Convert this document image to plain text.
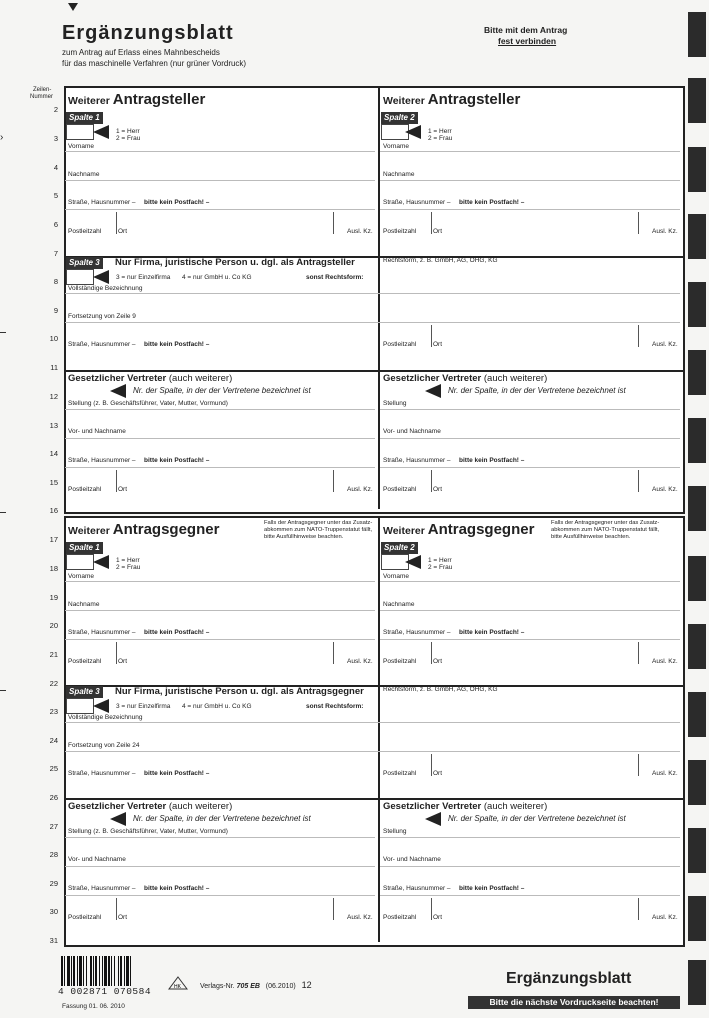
Ergänzungsblatt
zum Antrag auf Erlass eines Mahnbescheids
für das maschinelle Verfahren (nur grüner Vordruck)
Bitte mit dem Antrag
fest verbinden
Zeilen-
Nummer
›
2
3
4
5
6
7
8
9
10
11
12
13
14
15
16
17
18
19
20
21
22
23
24
25
26
27
28
29
30
31
Vorname
Nachname
Straße, Hausnummer – bitte kein Postfach! –
Postleitzahl	Ort	Ausl. Kz.
Vorname
Nachname
Straße, Hausnummer – bitte kein Postfach! –
Postleitzahl	Ort	Ausl. Kz.
Vorname
Nachname
Straße, Hausnummer – bitte kein Postfach! –
Postleitzahl	Ort	Ausl. Kz.
Vorname
Nachname
Straße, Hausnummer – bitte kein Postfach! –
Postleitzahl	Ort	Ausl. Kz.
Vollständige Bezeichnung
Fortsetzung von Zeile 9
Straße, Hausnummer – bitte kein Postfach! –	Postleitzahl	Ort	Ausl. Kz.
Vollständige Bezeichnung
Fortsetzung von Zeile 24
Straße, Hausnummer – bitte kein Postfach! –	Postleitzahl	Ort	Ausl. Kz.
Stellung (z. B. Geschäftsführer, Vater, Mutter, Vormund)
Vor- und Nachname
Straße, Hausnummer – bitte kein Postfach! –
Postleitzahl	Ort	Ausl. Kz.
Stellung
Vor- und Nachname
Straße, Hausnummer – bitte kein Postfach! –
Postleitzahl	Ort	Ausl. Kz.
Stellung (z. B. Geschäftsführer, Vater, Mutter, Vormund)
Vor- und Nachname
Straße, Hausnummer – bitte kein Postfach! –
Postleitzahl	Ort	Ausl. Kz.
Stellung
Vor- und Nachname
Straße, Hausnummer – bitte kein Postfach! –
Postleitzahl	Ort	Ausl. Kz.
Weiterer Antragsteller	Weiterer Antragsteller
Weiterer Antragsgegner	Weiterer Antragsgegner
Falls der Antragsgegner unter das Zusatz-
abkommen zum NATO-Truppenstatut fällt,
bitte Ausfüllhinweise beachten.
Falls der Antragsgegner unter das Zusatz-
abkommen zum NATO-Truppenstatut fällt,
bitte Ausfüllhinweise beachten.
Spalte 1
1 = Herr
2 = Frau
Spalte 2
1 = Herr
2 = Frau
Spalte 1
1 = Herr
2 = Frau
Spalte 2
1 = Herr
2 = Frau
Spalte 3	Nur Firma, juristische Person u. dgl. als Antragsteller
3 = nur Einzelfirma 4 = nur GmbH u. Co KG	sonst Rechtsform:
Rechtsform, z. B. GmbH, AG, OHG, KG
Spalte 3	Nur Firma, juristische Person u. dgl. als Antragsgegner
3 = nur Einzelfirma 4 = nur GmbH u. Co KG	sonst Rechtsform:
Rechtsform, z. B. GmbH, AG, OHG, KG
Gesetzlicher Vertreter (auch weiterer)
Nr. der Spalte, in der der Vertretene bezeichnet ist
Gesetzlicher Vertreter (auch weiterer)
Nr. der Spalte, in der der Vertretene bezeichnet ist
Gesetzlicher Vertreter (auch weiterer)
Nr. der Spalte, in der der Vertretene bezeichnet ist
Gesetzlicher Vertreter (auch weiterer)
Nr. der Spalte, in der der Vertretene bezeichnet ist
4 002871 070584
Fassung 01. 06. 2010
HK	Verlags-Nr. 705 EB (06.2010) 12	Ergänzungsblatt
Bitte die nächste Vordruckseite beachten!
